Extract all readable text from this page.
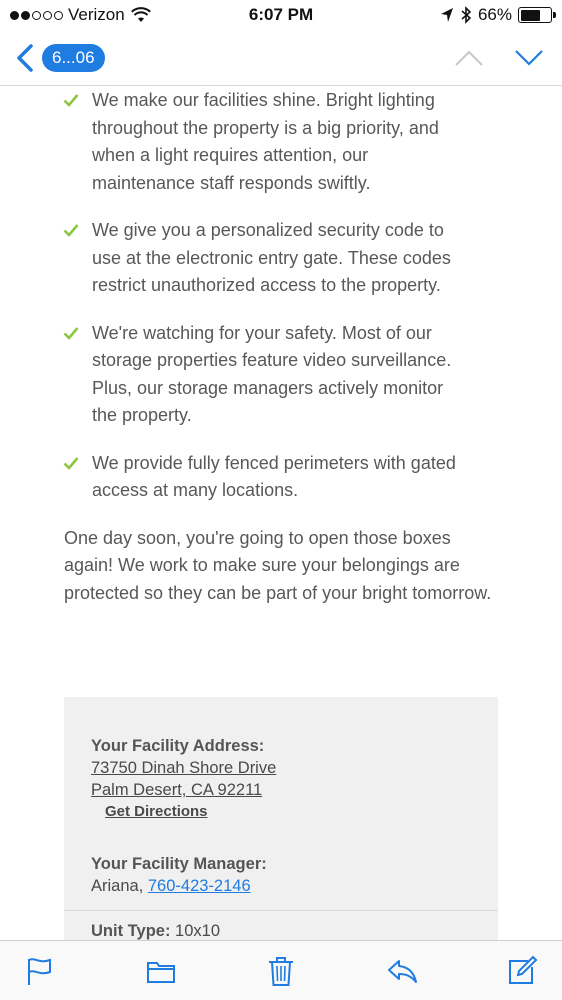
Verizon	6:07 PM	66%
6...06
We make our facilities shine. Bright lighting throughout the property is a big priority, and when a light requires attention, our maintenance staff responds swiftly.
We give you a personalized security code to use at the electronic entry gate. These codes restrict unauthorized access to the property.
We're watching for your safety. Most of our storage properties feature video surveillance. Plus, our storage managers actively monitor the property.
We provide fully fenced perimeters with gated access at many locations.

One day soon, you're going to open those boxes again! We work to make sure your belongings are protected so they can be part of your bright tomorrow.

Your Facility Address:
73750 Dinah Shore Drive
Palm Desert, CA 92211
Get Directions
Your Facility Manager:
Ariana, 760-423-2146
Unit Type: 10x10
